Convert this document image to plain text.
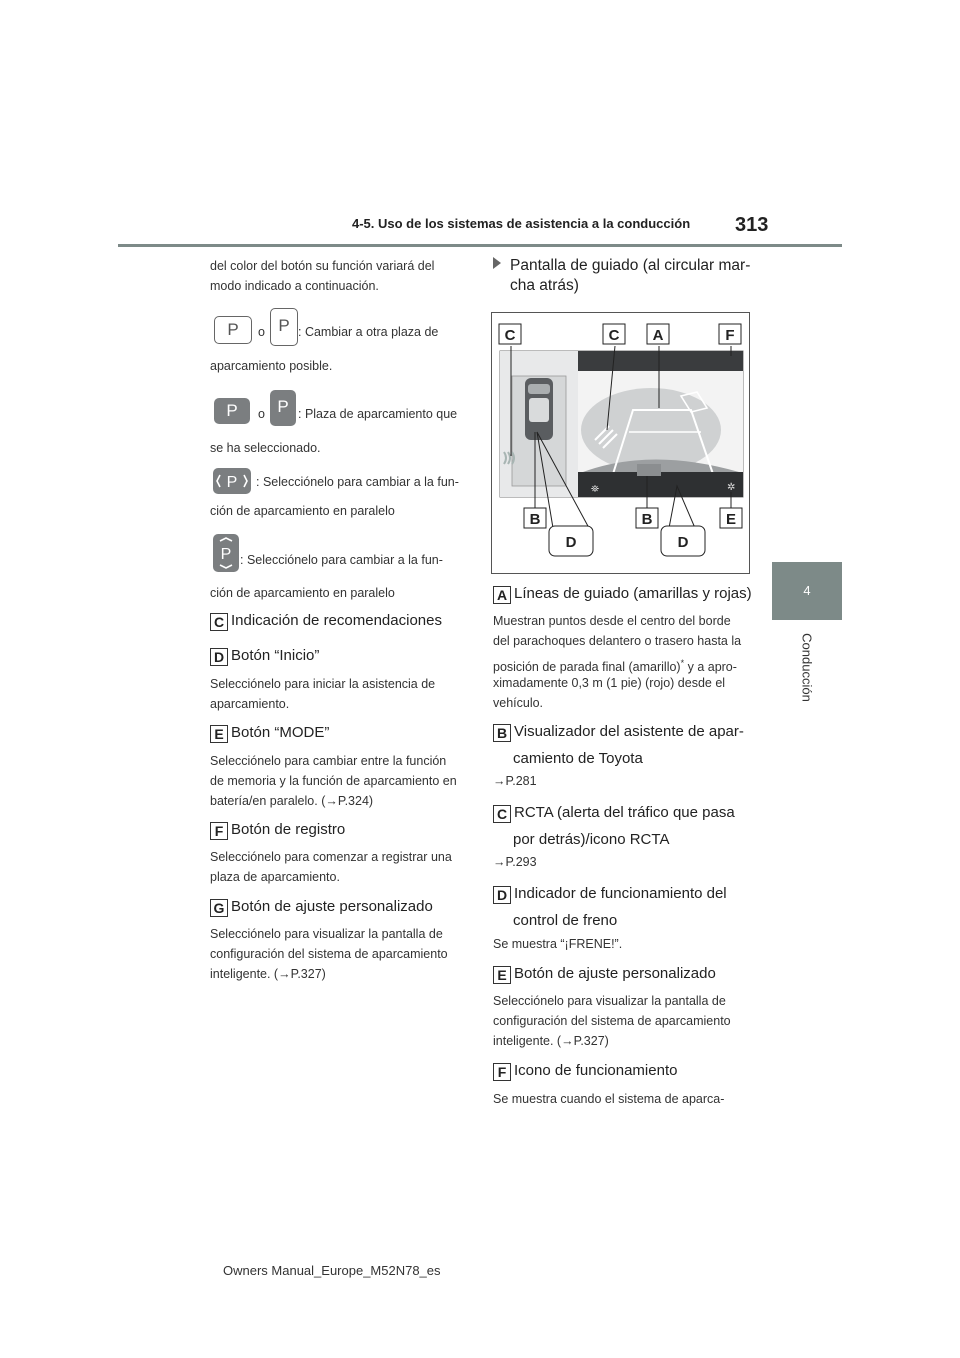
4-5. Uso de los sistemas de asistencia a la conducción 313
4
Conducción
del color del botón su función variará del
modo indicado a continuación.
P	o P : Cambiar a otra plaza de
aparcamiento posible.
P	o P : Plaza de aparcamiento que
se ha seleccionado.
P : Selecciónelo para cambiar a la fun-
ción de aparcamiento en paralelo
P : Selecciónelo para cambiar a la fun-
ción de aparcamiento en paralelo
C Indicación de recomendaciones
D Botón “Inicio”
Selecciónelo para iniciar la asistencia de
aparcamiento.
E Botón “MODE”
Selecciónelo para cambiar entre la función
de memoria y la función de aparcamiento en
batería/en paralelo. (→P.324)
F Botón de registro
Selecciónelo para comenzar a registrar una
plaza de aparcamiento.
G Botón de ajuste personalizado
Selecciónelo para visualizar la pantalla de
configuración del sistema de aparcamiento
inteligente. (→P.327)
Pantalla de guiado (al circular mar-
cha atrás)
⛯	✲
C	C A	F
B	B	E
D	D
A Líneas de guiado (amarillas y rojas)
Muestran puntos desde el centro del borde
del parachoques delantero o trasero hasta la
posición de parada final (amarillo)* y a apro-
ximadamente 0,3 m (1 pie) (rojo) desde el
vehículo.
B Visualizador del asistente de apar-
camiento de Toyota
→P.281
C RCTA (alerta del tráfico que pasa
por detrás)/icono RCTA
→P.293
D Indicador de funcionamiento del
control de freno
Se muestra “¡FRENE!”.
E Botón de ajuste personalizado
Selecciónelo para visualizar la pantalla de
configuración del sistema de aparcamiento
inteligente. (→P.327)
F Icono de funcionamiento
Se muestra cuando el sistema de aparca-
Owners Manual_Europe_M52N78_es
